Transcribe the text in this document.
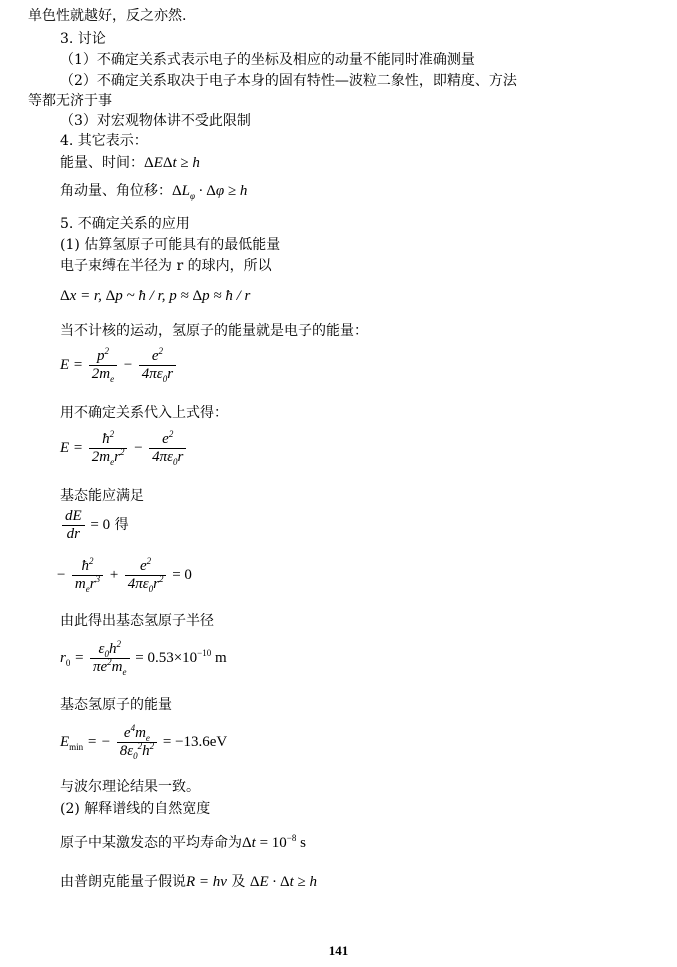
单色性就越好，反之亦然.
3. 讨论
（1）不确定关系式表示电子的坐标及相应的动量不能同时准确测量
（2）不确定关系取决于电子本身的固有特性—波粒二象性，即精度、方法
等都无济于事
（3）对宏观物体讲不受此限制
4. 其它表示：
能量、时间：ΔEΔt ≥ h
角动量、角位移：$\Delta L_\varphi \cdot \Delta\varphi \ge h$
5. 不确定关系的应用
(1) 估算氢原子可能具有的最低能量
电子束缚在半径为 r 的球内，所以
Δx = r, Δp ~ ħ / r, p ≈ Δp ≈ ħ / r
当不计核的运动，氢原子的能量就是电子的能量：
$E = \frac{p^2}{2m_e} - \frac{e^2}{4\pi\varepsilon_0r}$
用不确定关系代入上式得：
$E = \frac{ħ^2}{2m_er^2} - \frac{e^2}{4\pi\varepsilon_0r}$
基态能应满足
$\frac{dE}{dr} = 0$ 得
− $\frac{ħ^2}{m_er^3} + \frac{e^2}{4\pi\varepsilon_0r^2} = 0$
由此得出基态氢原子半径
$r_0 = \frac{\varepsilon_0h^2}{\pi e^2m_e} = 0.53\times 10^{-10}$ m
基态氢原子的能量
$E_{min}$ = − $\frac{e^4m_e}{8\varepsilon_0^2h^2} = -13.6eV$
与波尔理论结果一致。
(2) 解释谱线的自然宽度
原子中某激发态的平均寿命为$\Delta t = 10^{-8}$ s
由普朗克能量子假说R = hν 及 ΔE · Δt ≥ h
141
